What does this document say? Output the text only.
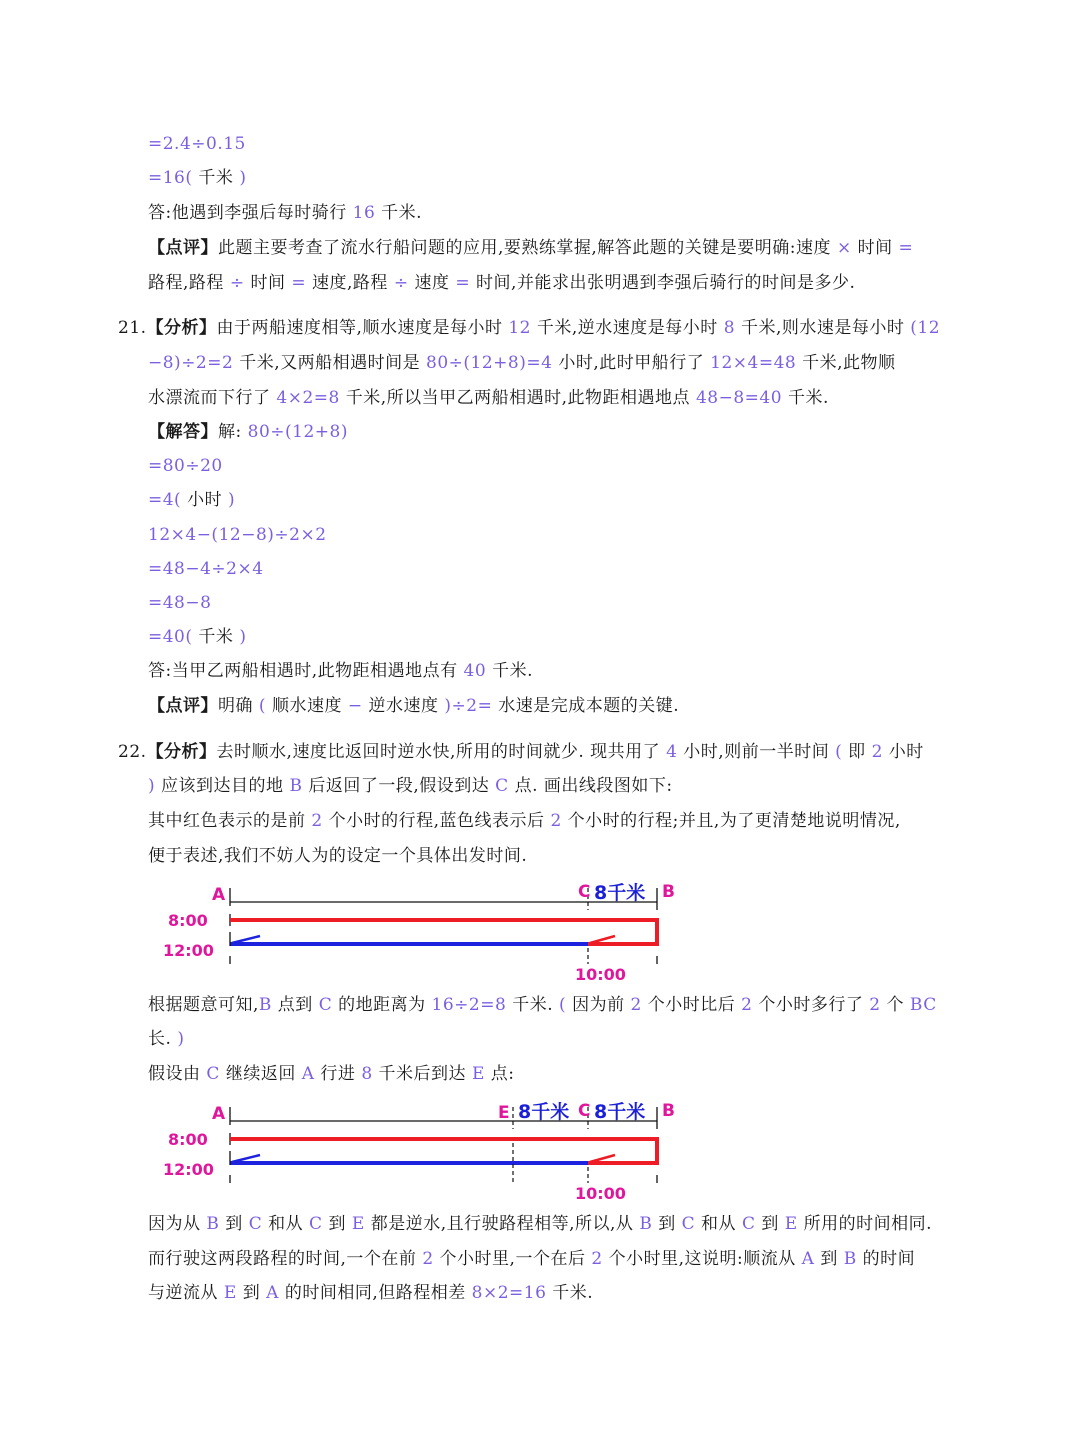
=2.4÷0.15
=16( 千米 )
答:他遇到李强后每时骑行 16 千米.
【点评】此题主要考查了流水行船问题的应用,要熟练掌握,解答此题的关键是要明确:速度 × 时间 =
路程,路程 ÷ 时间 = 速度,路程 ÷ 速度 = 时间,并能求出张明遇到李强后骑行的时间是多少.
21.【分析】由于两船速度相等,顺水速度是每小时 12 千米,逆水速度是每小时 8 千米,则水速是每小时 (12
−8)÷2=2 千米,又两船相遇时间是 80÷(12+8)=4 小时,此时甲船行了 12×4=48 千米,此物顺
水漂流而下行了 4×2=8 千米,所以当甲乙两船相遇时,此物距相遇地点 48−8=40 千米.
【解答】解: 80÷(12+8)
=80÷20
=4( 小时 )
12×4−(12−8)÷2×2
=48−4÷2×4
=48−8
=40( 千米 )
答:当甲乙两船相遇时,此物距相遇地点有 40 千米.
【点评】明确 ( 顺水速度 − 逆水速度 )÷2= 水速是完成本题的关键.
22.【分析】去时顺水,速度比返回时逆水快,所用的时间就少. 现共用了 4 小时,则前一半时间 ( 即 2 小时
) 应该到达目的地 B 后返回了一段,假设到达 C 点. 画出线段图如下:
其中红色表示的是前 2 个小时的行程,蓝色线表示后 2 个小时的行程;并且,为了更清楚地说明情况,
便于表述,我们不妨人为的设定一个具体出发时间.
A	C 8千米 B
8:00
12:00
10:00
根据题意可知,B 点到 C 的地距离为 16÷2=8 千米. ( 因为前 2 个小时比后 2 个小时多行了 2 个 BC
长. )
假设由 C 继续返回 A 行进 8 千米后到达 E 点:
A	E 8千米 C 8千米 B
8:00
12:00
10:00
因为从 B 到 C 和从 C 到 E 都是逆水,且行驶路程相等,所以,从 B 到 C 和从 C 到 E 所用的时间相同.
而行驶这两段路程的时间,一个在前 2 个小时里,一个在后 2 个小时里,这说明:顺流从 A 到 B 的时间
与逆流从 E 到 A 的时间相同,但路程相差 8×2=16 千米.
